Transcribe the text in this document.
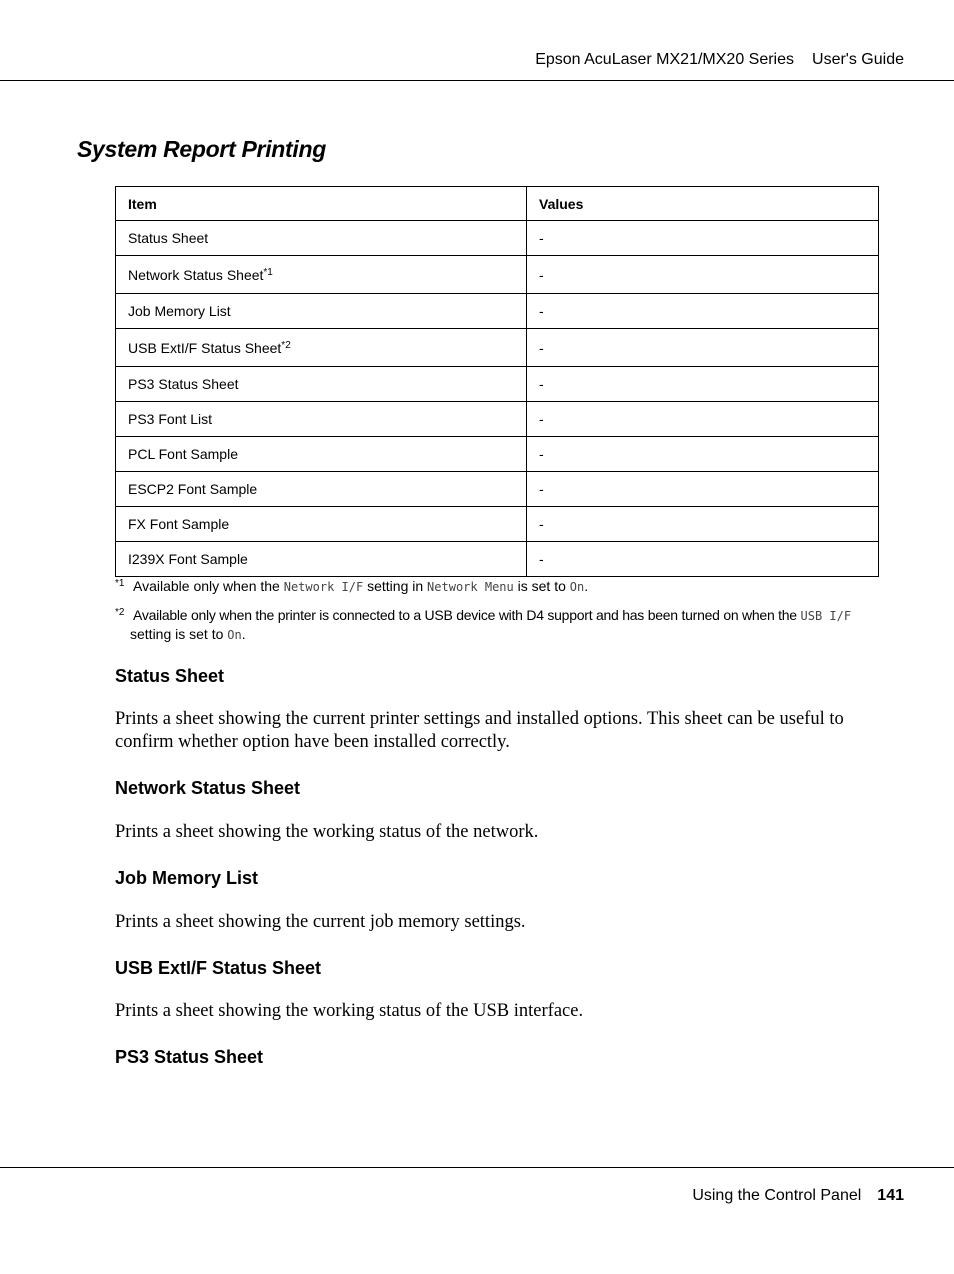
Epson AcuLaser MX21/MX20 Series User's Guide
System Report Printing
Item	Values
Status Sheet	-
Network Status Sheet$^{*1}$	-
Job Memory List	-
USB ExtI/F Status Sheet$^{*2}$	-
PS3 Status Sheet	-
PS3 Font List	-
PCL Font Sample	-
ESCP2 Font Sample	-
FX Font Sample	-
I239X Font Sample	-
*1 Available only when the Network I/F setting in Network Menu is set to On.
*2 Available only when the printer is connected to a USB device with D4 support and has been turned on when the USB I/F
setting is set to On.
Status Sheet

Prints a sheet showing the current printer settings and installed options. This sheet can be useful to confirm whether option have been installed correctly.

Network Status Sheet

Prints a sheet showing the working status of the network.

Job Memory List

Prints a sheet showing the current job memory settings.

USB ExtI/F Status Sheet

Prints a sheet showing the working status of the USB interface.

PS3 Status Sheet
Using the Control Panel 141
